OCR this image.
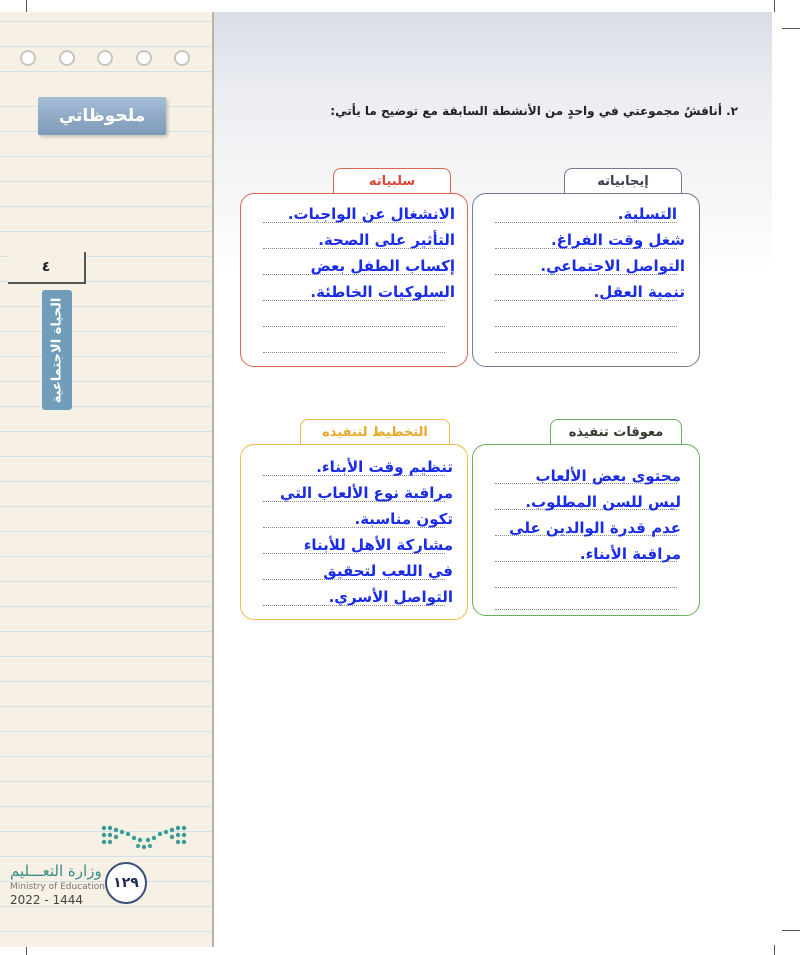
ملحوظاتي
٤
الحياة الاجتماعية
وزارة التعـــليم
Ministry of Education
2022 - 1444
١٢٩
٢. أناقشُ مجموعتي في واحدٍ من الأنشطة السابقة مع توضيح ما يأتي:
إيجابياته
التسلية.
شغل وقت الفراغ.
التواصل الاجتماعي.
تنمية العقل.
سلبياته
الانشغال عن الواجبات.
التأثير على الصحة.
إكساب الطفل بعض
السلوكيات الخاطئة.
معوقات تنفيذه
محتوى بعض الألعاب
ليس للسن المطلوب.
عدم قدرة الوالدين على
مراقبة الأبناء.
التخطيط لتنفيذه
تنظيم وقت الأبناء.
مراقبة نوع الألعاب التي
تكون مناسبة.
مشاركة الأهل للأبناء
في اللعب لتحقيق
التواصل الأسري.
